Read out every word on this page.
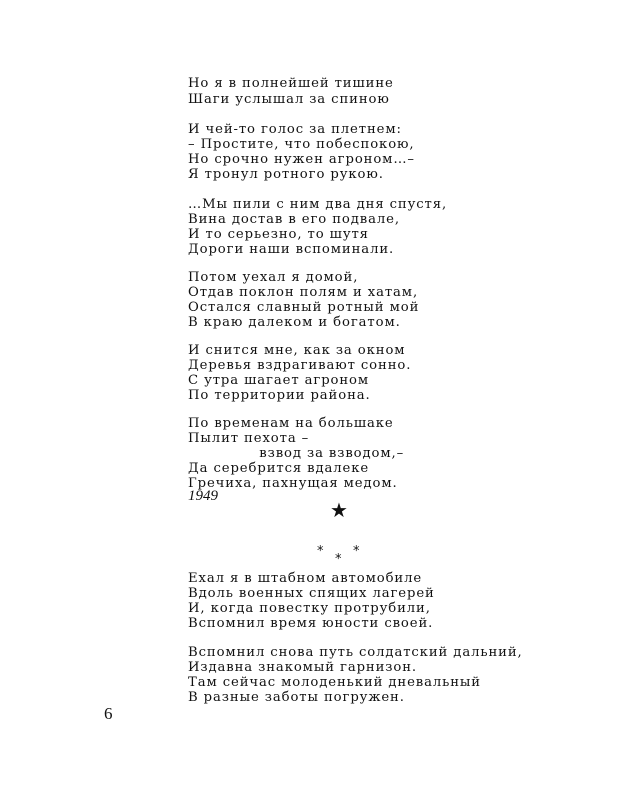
Но я в полнейшей тишине
Шаги услышал за спиною
И чей-то голос за плетнем:
– Простите, что побеспокою,
Но срочно нужен агроном…–
Я тронул ротного рукою.
…Мы пили с ним два дня спустя,
Вина достав в его подвале,
И то серьезно, то шутя
Дороги наши вспоминали.
Потом уехал я домой,
Отдав поклон полям и хатам,
Остался славный ротный мой
В краю далеком и богатом.
И снится мне, как за окном
Деревья вздрагивают сонно.
С утра шагает агроном
По территории района.
По временам на большаке
Пылит пехота –
взвод за взводом,–
Да серебрится вдалеке
Гречиха, пахнущая медом.
1949
★
*
*
*
Ехал я в штабном автомобиле
Вдоль военных спящих лагерей
И, когда повестку протрубили,
Вспомнил время юности своей.
Вспомнил снова путь солдатский дальний,
Издавна знакомый гарнизон.
Там сейчас молоденький дневальный
В разные заботы погружен.
6
